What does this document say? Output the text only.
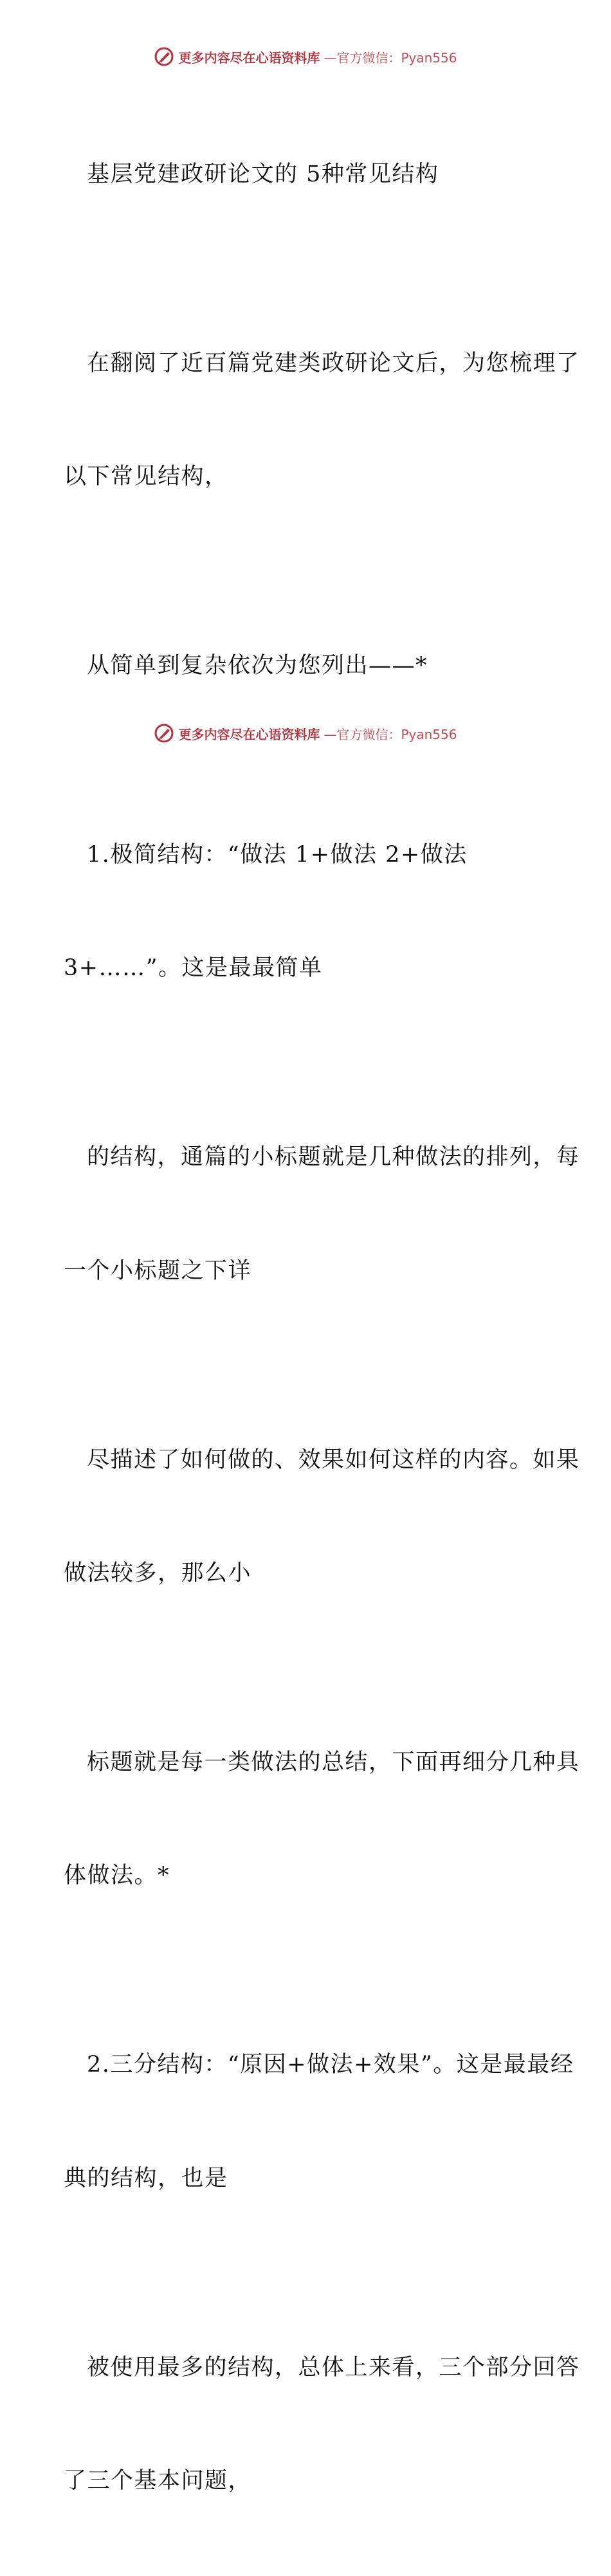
更多内容尽在心语资料库 —官方微信：Pyan556

基层党建政研论文的 5种常见结构

在翻阅了近百篇党建类政研论文后，为您梳理了

以下常见结构，

从简单到复杂依次为您列出——*

1.极简结构：“做法 1+做法 2+做法

3+……”。这是最最简单

的结构，通篇的小标题就是几种做法的排列，每

一个小标题之下详

尽描述了如何做的、效果如何这样的内容。如果

做法较多，那么小

标题就是每一类做法的总结，下面再细分几种具

体做法。*

2.三分结构：“原因+做法+效果”。这是最最经

典的结构，也是

被使用最多的结构，总体上来看，三个部分回答

了三个基本问题，

更多内容尽在心语资料库 —官方微信：Pyan556
